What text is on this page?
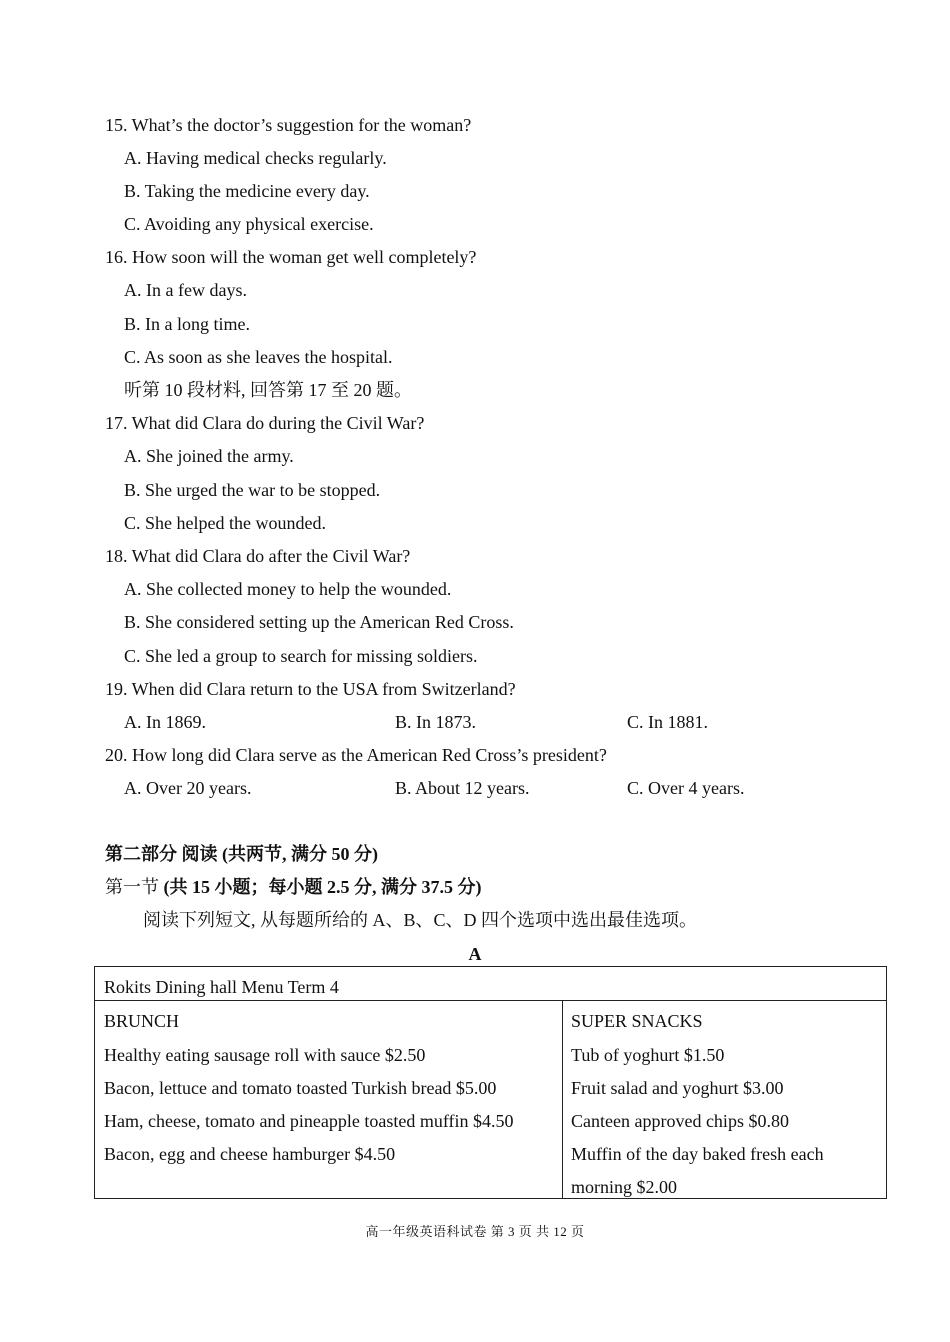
15. What’s the doctor’s suggestion for the woman?
A. Having medical checks regularly.
B. Taking the medicine every day.
C. Avoiding any physical exercise.
16. How soon will the woman get well completely?
A. In a few days.
B. In a long time.
C. As soon as she leaves the hospital.
听第 10 段材料, 回答第 17 至 20 题。
17. What did Clara do during the Civil War?
A. She joined the army.
B. She urged the war to be stopped.
C. She helped the wounded.
18. What did Clara do after the Civil War?
A. She collected money to help the wounded.
B. She considered setting up the American Red Cross.
C. She led a group to search for missing soldiers.
19. When did Clara return to the USA from Switzerland?
A. In 1869.	B. In 1873.	C. In 1881.
20. How long did Clara serve as the American Red Cross’s president?
A. Over 20 years.	B. About 12 years.	C. Over 4 years.
第二部分 阅读 (共两节, 满分 50 分)
第一节 (共 15 小题；每小题 2.5 分, 满分 37.5 分)
阅读下列短文, 从每题所给的 A、B、C、D 四个选项中选出最佳选项。
A
Rokits Dining hall Menu Term 4
BRUNCH
Healthy eating sausage roll with sauce $2.50
Bacon, lettuce and tomato toasted Turkish bread $5.00
Ham, cheese, tomato and pineapple toasted muffin $4.50
Bacon, egg and cheese hamburger $4.50
SUPER SNACKS
Tub of yoghurt $1.50
Fruit salad and yoghurt $3.00
Canteen approved chips $0.80
Muffin of the day baked fresh each
morning $2.00
高一年级英语科试卷 第 3 页 共 12 页
